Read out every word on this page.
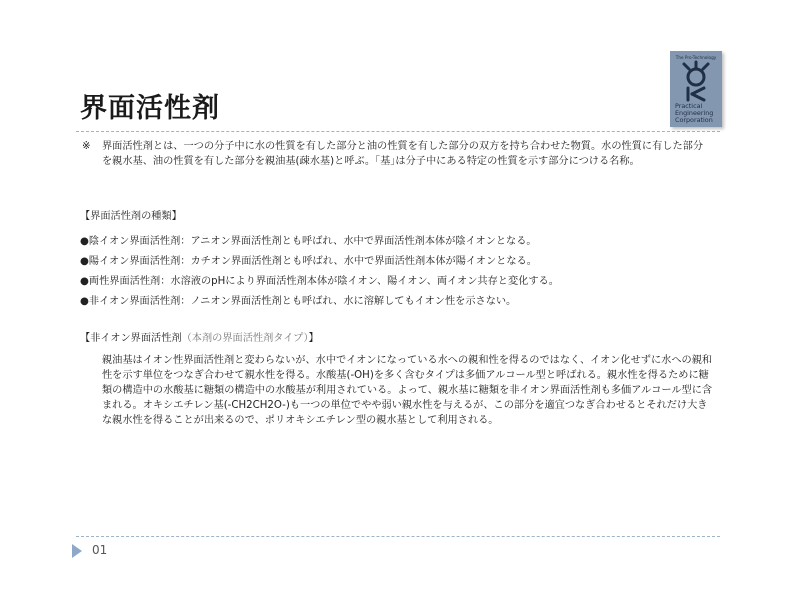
界面活性剤
The Pro-Technology
Practical
Engineering
Corporation
※	界面活性剤とは、一つの分子中に水の性質を有した部分と油の性質を有した部分の双方を持ち合わせた物質。水の性質に有した部分を親水基、油の性質を有した部分を親油基(疎水基)と呼ぶ。｢基｣は分子中にある特定の性質を示す部分につける名称。
【界面活性剤の種類】
●陰イオン界面活性剤：アニオン界面活性剤とも呼ばれ、水中で界面活性剤本体が陰イオンとなる。
●陽イオン界面活性剤：カチオン界面活性剤とも呼ばれ、水中で界面活性剤本体が陽イオンとなる。
●両性界面活性剤：水溶液のpHにより界面活性剤本体が陰イオン、陽イオン、両イオン共存と変化する。
●非イオン界面活性剤：ノニオン界面活性剤とも呼ばれ、水に溶解してもイオン性を示さない。
【非イオン界面活性剤（本剤の界面活性剤タイプ）】
親油基はイオン性界面活性剤と変わらないが、水中でイオンになっている水への親和性を得るのではなく、イオン化せずに水への親和性を示す単位をつなぎ合わせて親水性を得る。水酸基(-OH)を多く含むタイプは多価アルコール型と呼ばれる。親水性を得るために糖類の構造中の水酸基に糖類の構造中の水酸基が利用されている。よって、親水基に糖類を非イオン界面活性剤も多価アルコール型に含まれる。オキシエチレン基(-CH2CH2O-)も一つの単位でやや弱い親水性を与えるが、この部分を適宜つなぎ合わせるとそれだけ大きな親水性を得ることが出来るので、ポリオキシエチレン型の親水基として利用される。
01
